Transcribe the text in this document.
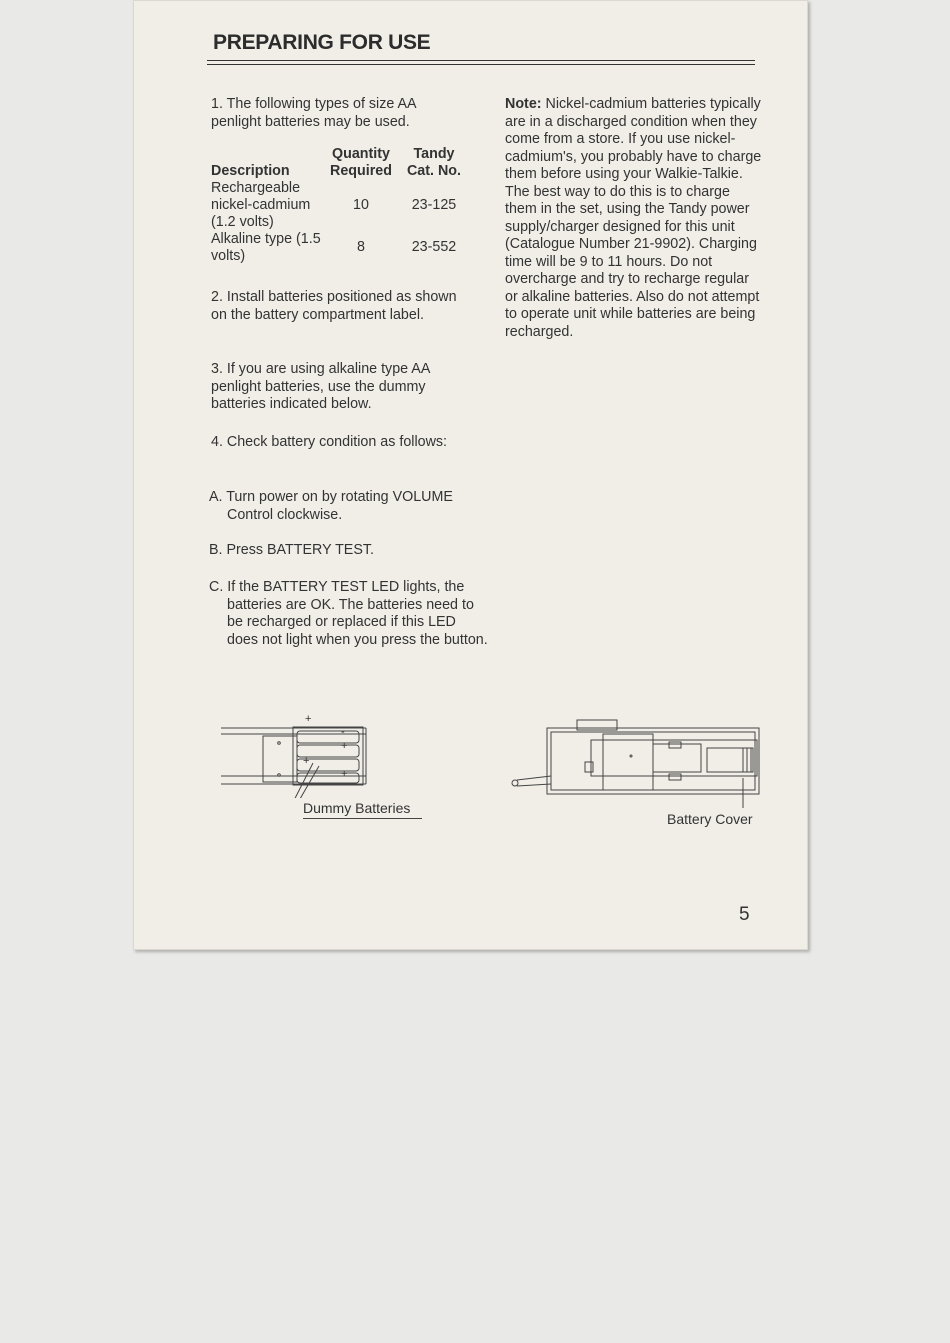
PREPARING FOR USE
1. The following types of size AA penlight batteries may be used.
Description	Quantity Required	Tandy Cat. No.
Rechargeable nickel-cadmium (1.2 volts)	10	23-125
Alkaline type (1.5 volts)	8	23-552
2. Install batteries positioned as shown on the battery compartment label.
3. If you are using alkaline type AA penlight batteries, use the dummy batteries indicated below.
4. Check battery condition as follows:
A. Turn power on by rotating VOLUME Control clockwise.
B. Press BATTERY TEST.
C. If the BATTERY TEST LED lights, the batteries are OK. The batteries need to be recharged or replaced if this LED does not light when you press the button.
Note: Nickel-cadmium batteries typically are in a discharged condition when they come from a store. If you use nickel-cadmium's, you probably have to charge them before using your Walkie-Talkie. The best way to do this is to charge them in the set, using the Tandy power supply/charger designed for this unit (Catalogue Number 21-9902). Charging time will be 9 to 11 hours. Do not overcharge and try to recharge regular or alkaline batteries. Also do not attempt to operate unit while batteries are being recharged.
+
-
+
+
+
Dummy Batteries
Battery Cover
5
